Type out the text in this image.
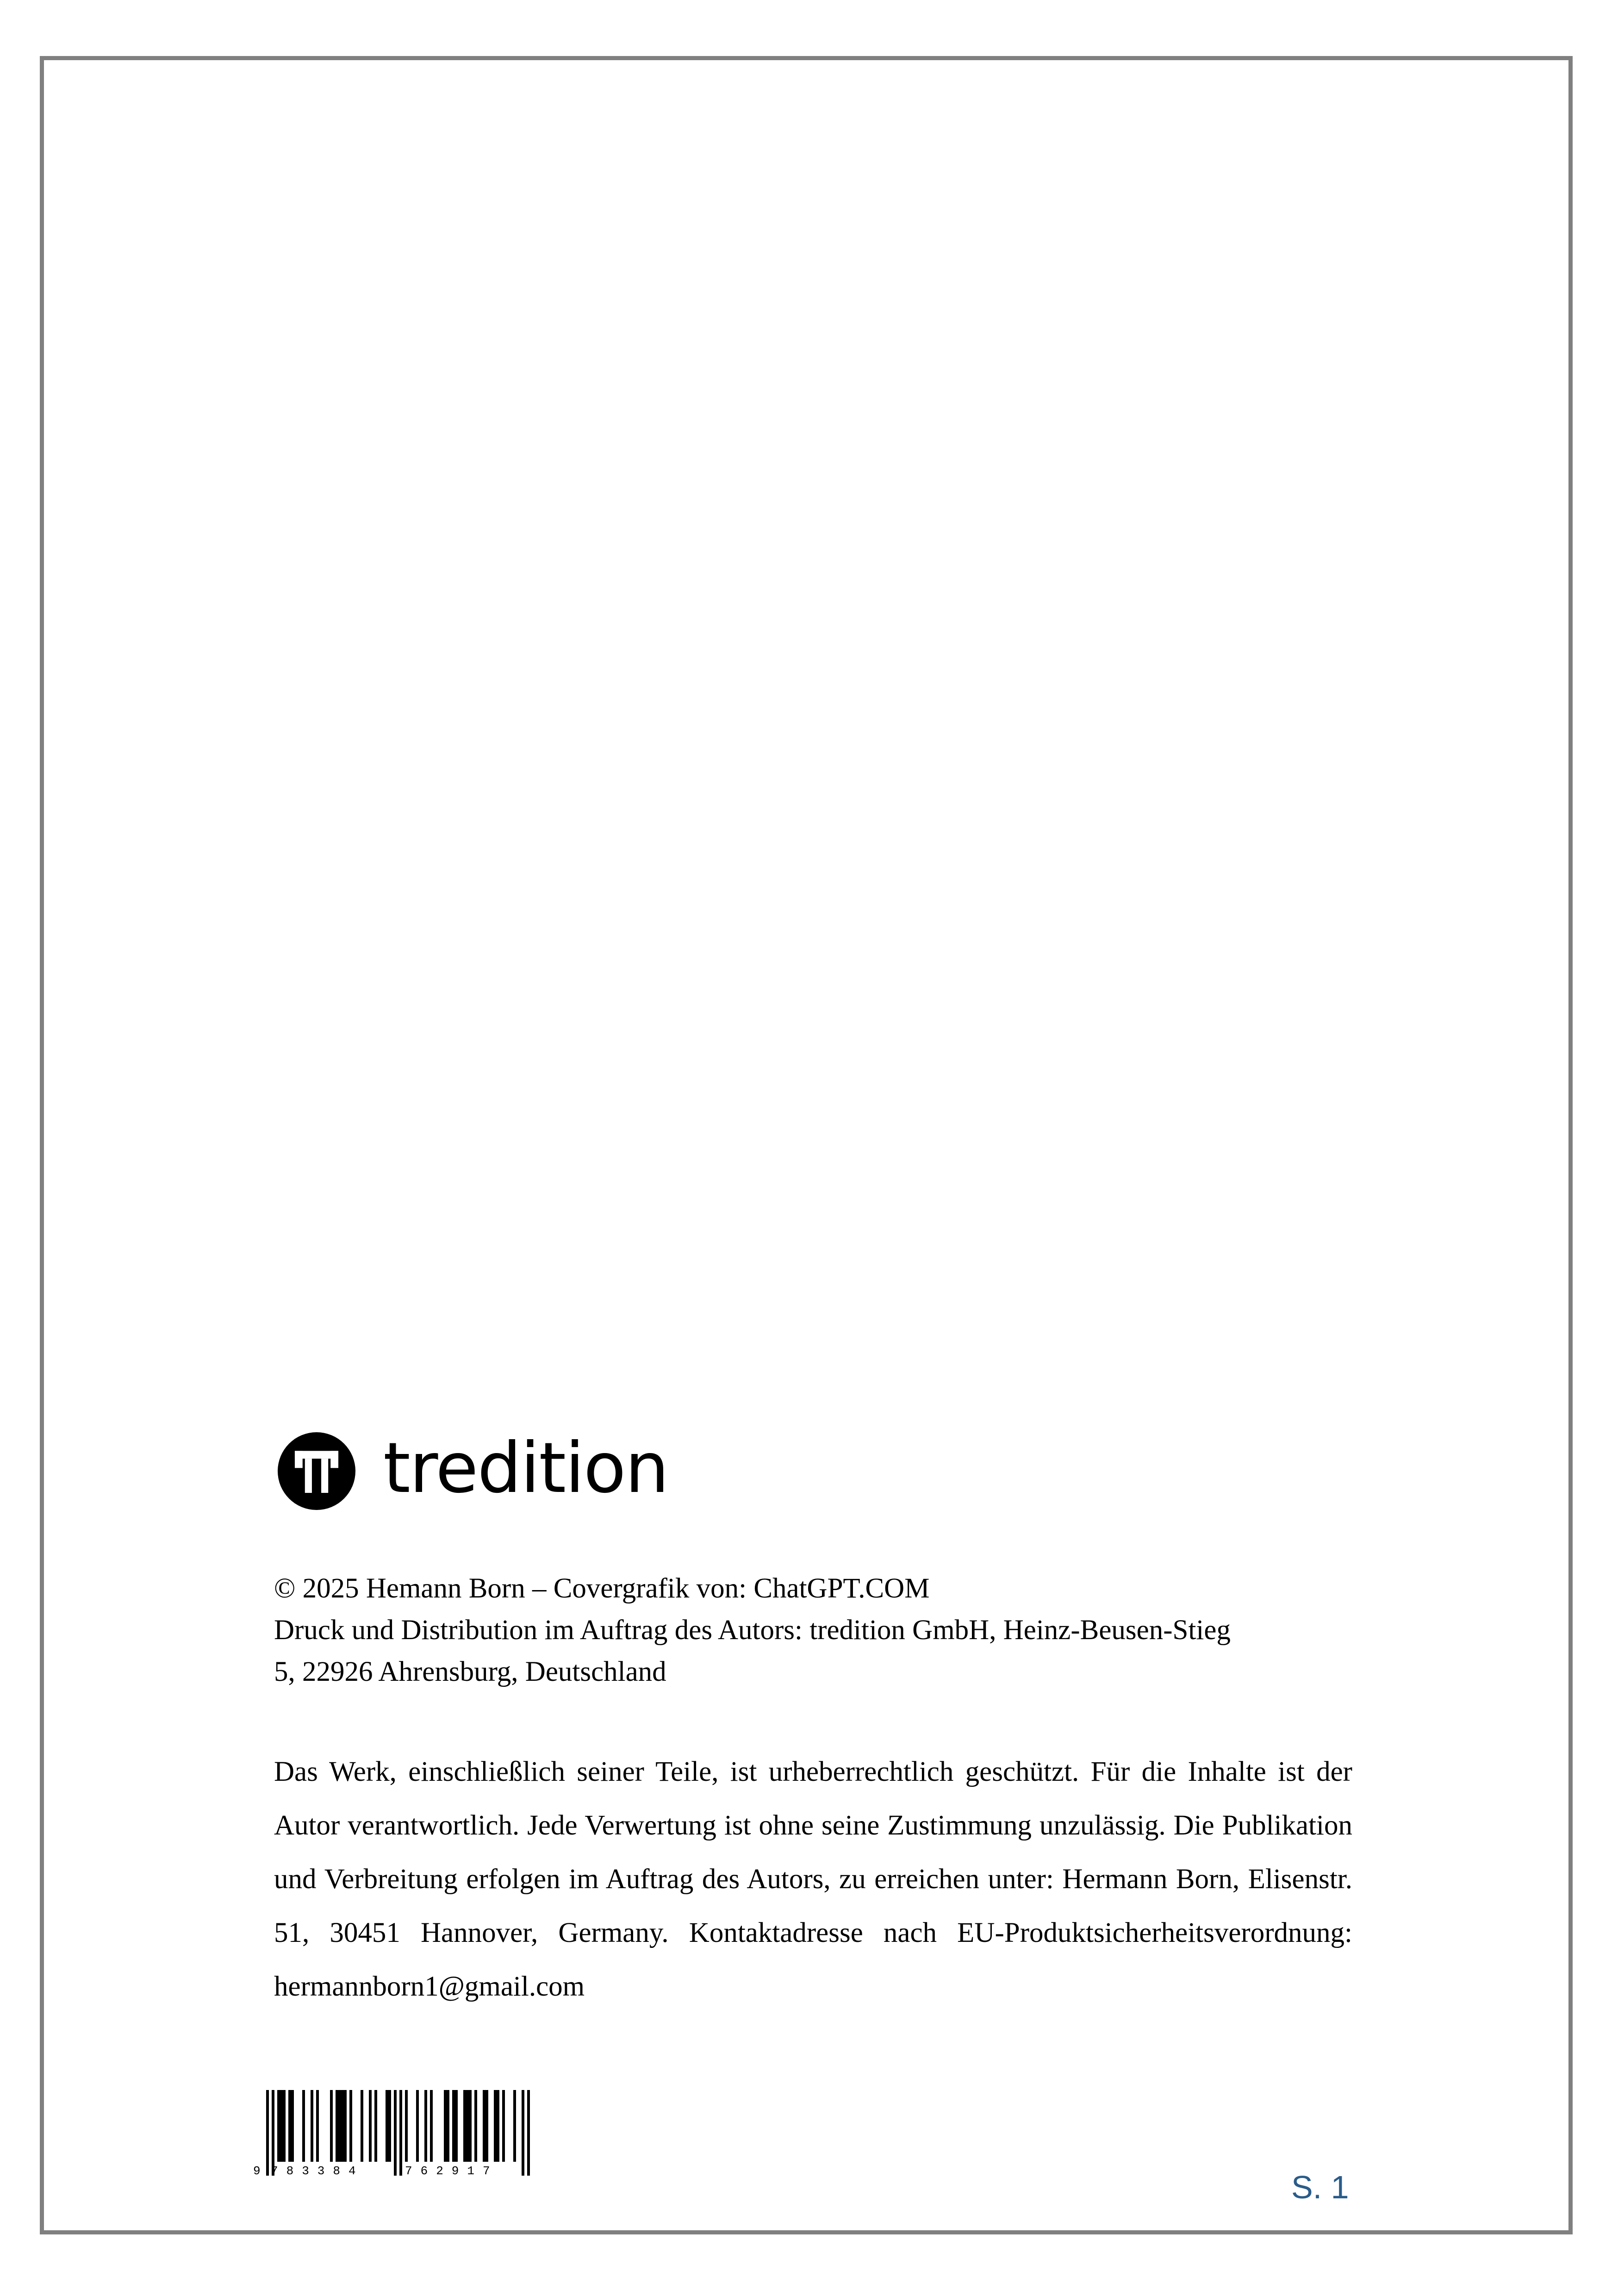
tredition
© 2025 Hemann Born – Covergrafik von: ChatGPT.COM
Druck und Distribution im Auftrag des Autors: tredition GmbH, Heinz-Beusen-Stieg
5, 22926 Ahrensburg, Deutschland
Das Werk, einschließlich seiner Teile, ist urheberrechtlich geschützt. Für die Inhalte ist der Autor verantwortlich. Jede Verwertung ist ohne seine Zustimmung unzulässig. Die Publikation und Verbreitung erfolgen im Auftrag des Autors, zu erreichen unter: Hermann Born, Elisenstr. 51, 30451 Hannover, Germany. Kontaktadresse nach EU-Produktsicherheitsverordnung: hermannborn1@gmail.com
9 783384	762917	S. 1
